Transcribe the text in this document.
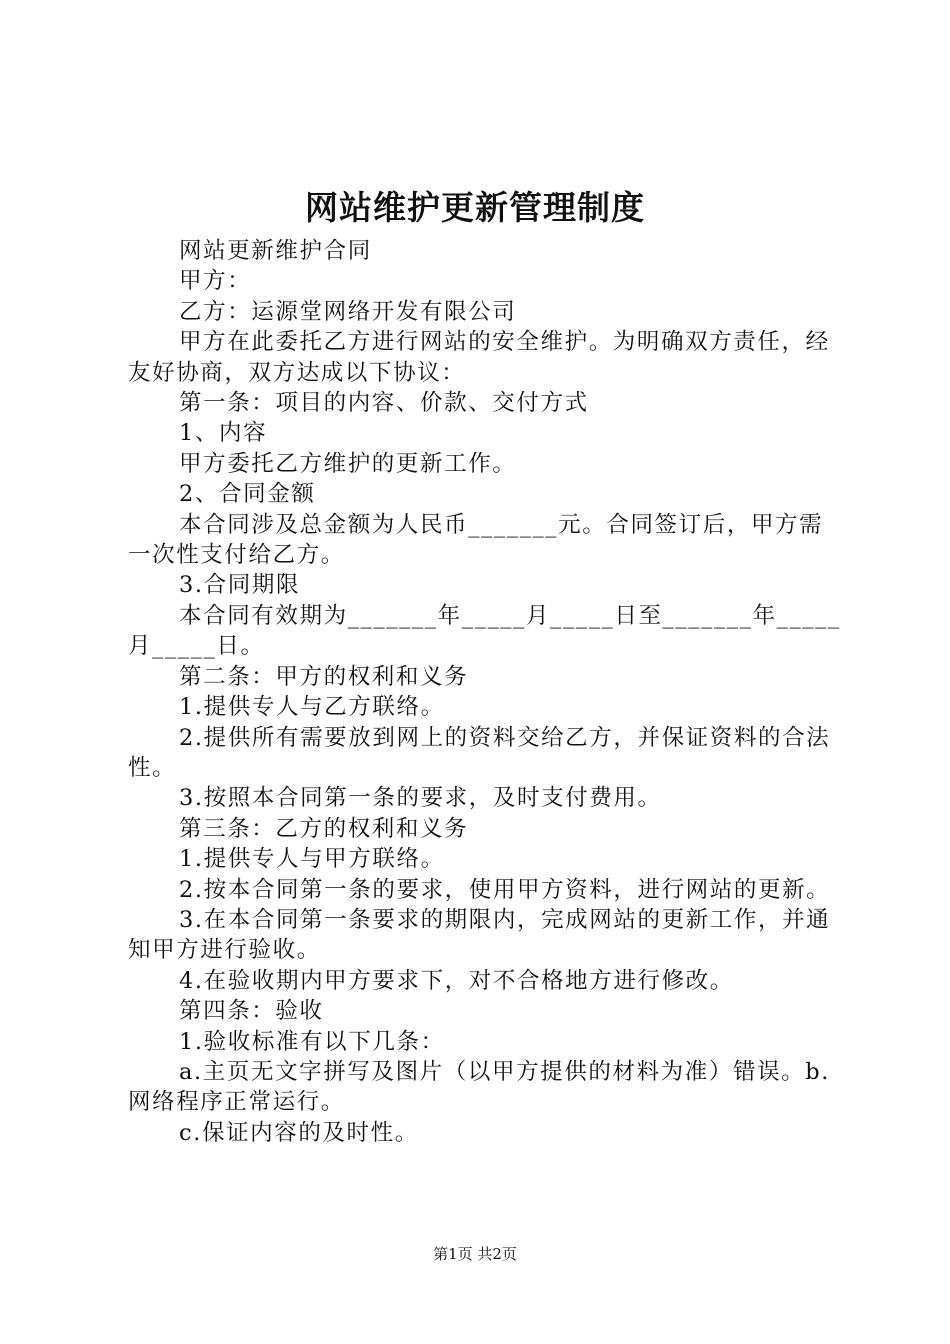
网站维护更新管理制度

网站更新维护合同

甲方：

乙方：运源堂网络开发有限公司

甲方在此委托乙方进行网站的安全维护。为明确双方责任，经友好协商，双方达成以下协议：

第一条：项目的内容、价款、交付方式

1、内容

甲方委托乙方维护的更新工作。

2、合同金额

本合同涉及总金额为人民币_______元。合同签订后，甲方需一次性支付给乙方。

3.合同期限

本合同有效期为_______年_____月_____日至_______年_____月_____日。

第二条：甲方的权利和义务

1.提供专人与乙方联络。

2.提供所有需要放到网上的资料交给乙方，并保证资料的合法性。

3.按照本合同第一条的要求，及时支付费用。

第三条：乙方的权利和义务

1.提供专人与甲方联络。

2.按本合同第一条的要求，使用甲方资料，进行网站的更新。

3.在本合同第一条要求的期限内，完成网站的更新工作，并通知甲方进行验收。

4.在验收期内甲方要求下，对不合格地方进行修改。

第四条：验收

1.验收标准有以下几条：

a.主页无文字拼写及图片（以甲方提供的材料为准）错误。b.网络程序正常运行。

c.保证内容的及时性。

第1页 共2页
